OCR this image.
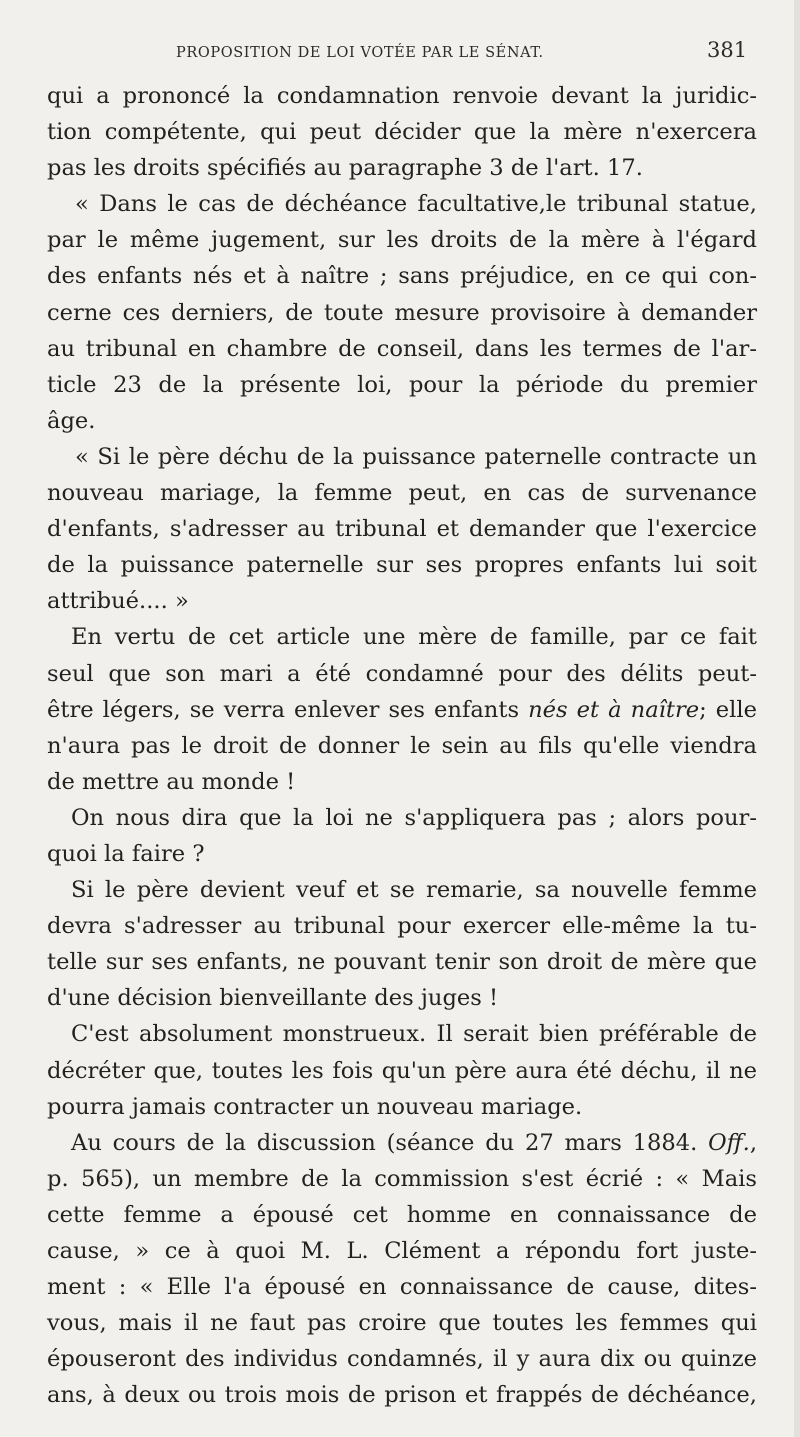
PROPOSITION DE LOI VOTÉE PAR LE SÉNAT.	381
qui a prononcé la condamnation renvoie devant la juridic-
tion compétente, qui peut décider que la mère n'exercera
pas les droits spécifiés au paragraphe 3 de l'art. 17.
« Dans le cas de déchéance facultative,le tribunal statue,
par le même jugement, sur les droits de la mère à l'égard
des enfants nés et à naître ; sans préjudice, en ce qui con-
cerne ces derniers, de toute mesure provisoire à demander
au tribunal en chambre de conseil, dans les termes de l'ar-
ticle 23 de la présente loi, pour la période du premier
âge.
« Si le père déchu de la puissance paternelle contracte un
nouveau mariage, la femme peut, en cas de survenance
d'enfants, s'adresser au tribunal et demander que l'exercice
de la puissance paternelle sur ses propres enfants lui soit
attribué.... »
En vertu de cet article une mère de famille, par ce fait
seul que son mari a été condamné pour des délits peut-
être légers, se verra enlever ses enfants nés et à naître; elle
n'aura pas le droit de donner le sein au fils qu'elle viendra
de mettre au monde !
On nous dira que la loi ne s'appliquera pas ; alors pour-
quoi la faire ?
Si le père devient veuf et se remarie, sa nouvelle femme
devra s'adresser au tribunal pour exercer elle-même la tu-
telle sur ses enfants, ne pouvant tenir son droit de mère que
d'une décision bienveillante des juges !
C'est absolument monstrueux. Il serait bien préférable de
décréter que, toutes les fois qu'un père aura été déchu, il ne
pourra jamais contracter un nouveau mariage.
Au cours de la discussion (séance du 27 mars 1884. Off.,
p. 565), un membre de la commission s'est écrié : « Mais
cette femme a épousé cet homme en connaissance de
cause, » ce à quoi M. L. Clément a répondu fort juste-
ment : « Elle l'a épousé en connaissance de cause, dites-
vous, mais il ne faut pas croire que toutes les femmes qui
épouseront des individus condamnés, il y aura dix ou quinze
ans, à deux ou trois mois de prison et frappés de déchéance,
